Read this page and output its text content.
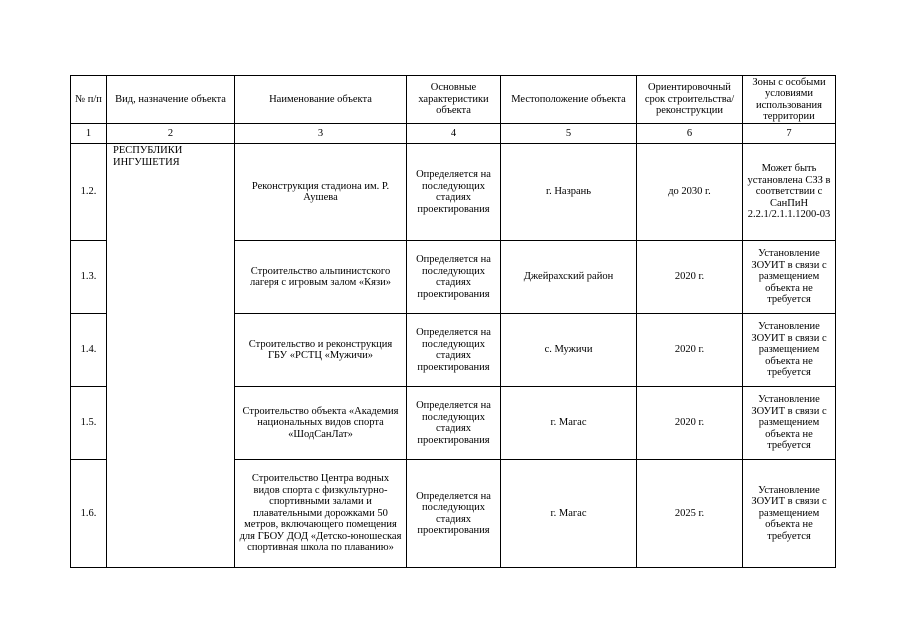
№ п/п	Вид, назначение объекта	Наименование объекта	Основные характеристики объекта	Местоположение объекта	Ориентировочный срок строительства/ реконструкции	Зоны с особыми условиями использования территории
1	2	3	4	5	6	7
1.2.	РЕСПУБЛИКИ ИНГУШЕТИЯ	Реконструкция стадиона им. Р. Аушева	Определяется на последующих стадиях проектирования	г. Назрань	до 2030 г.	Может быть установлена СЗЗ в соответствии с СанПиН 2.2.1/2.1.1.1200-03
1.3.		Строительство альпинистского лагеря с игровым залом «Кязи»	Определяется на последующих стадиях проектирования	Джейрахский район	2020 г.	Установление ЗОУИТ в связи с размещением объекта не требуется
1.4.		Строительство и реконструкция ГБУ «РСТЦ «Мужичи»	Определяется на последующих стадиях проектирования	с. Мужичи	2020 г.	Установление ЗОУИТ в связи с размещением объекта не требуется
1.5.		Строительство объекта «Академия национальных видов спорта «ШодСанЛат»	Определяется на последующих стадиях проектирования	г. Магас	2020 г.	Установление ЗОУИТ в связи с размещением объекта не требуется
1.6.		Строительство Центра водных видов спорта с физкультурно-спортивными залами и плавательными дорожками 50 метров, включающего помещения для ГБОУ ДОД «Детско-юношеская спортивная школа по плаванию»	Определяется на последующих стадиях проектирования	г. Магас	2025 г.	Установление ЗОУИТ в связи с размещением объекта не требуется
